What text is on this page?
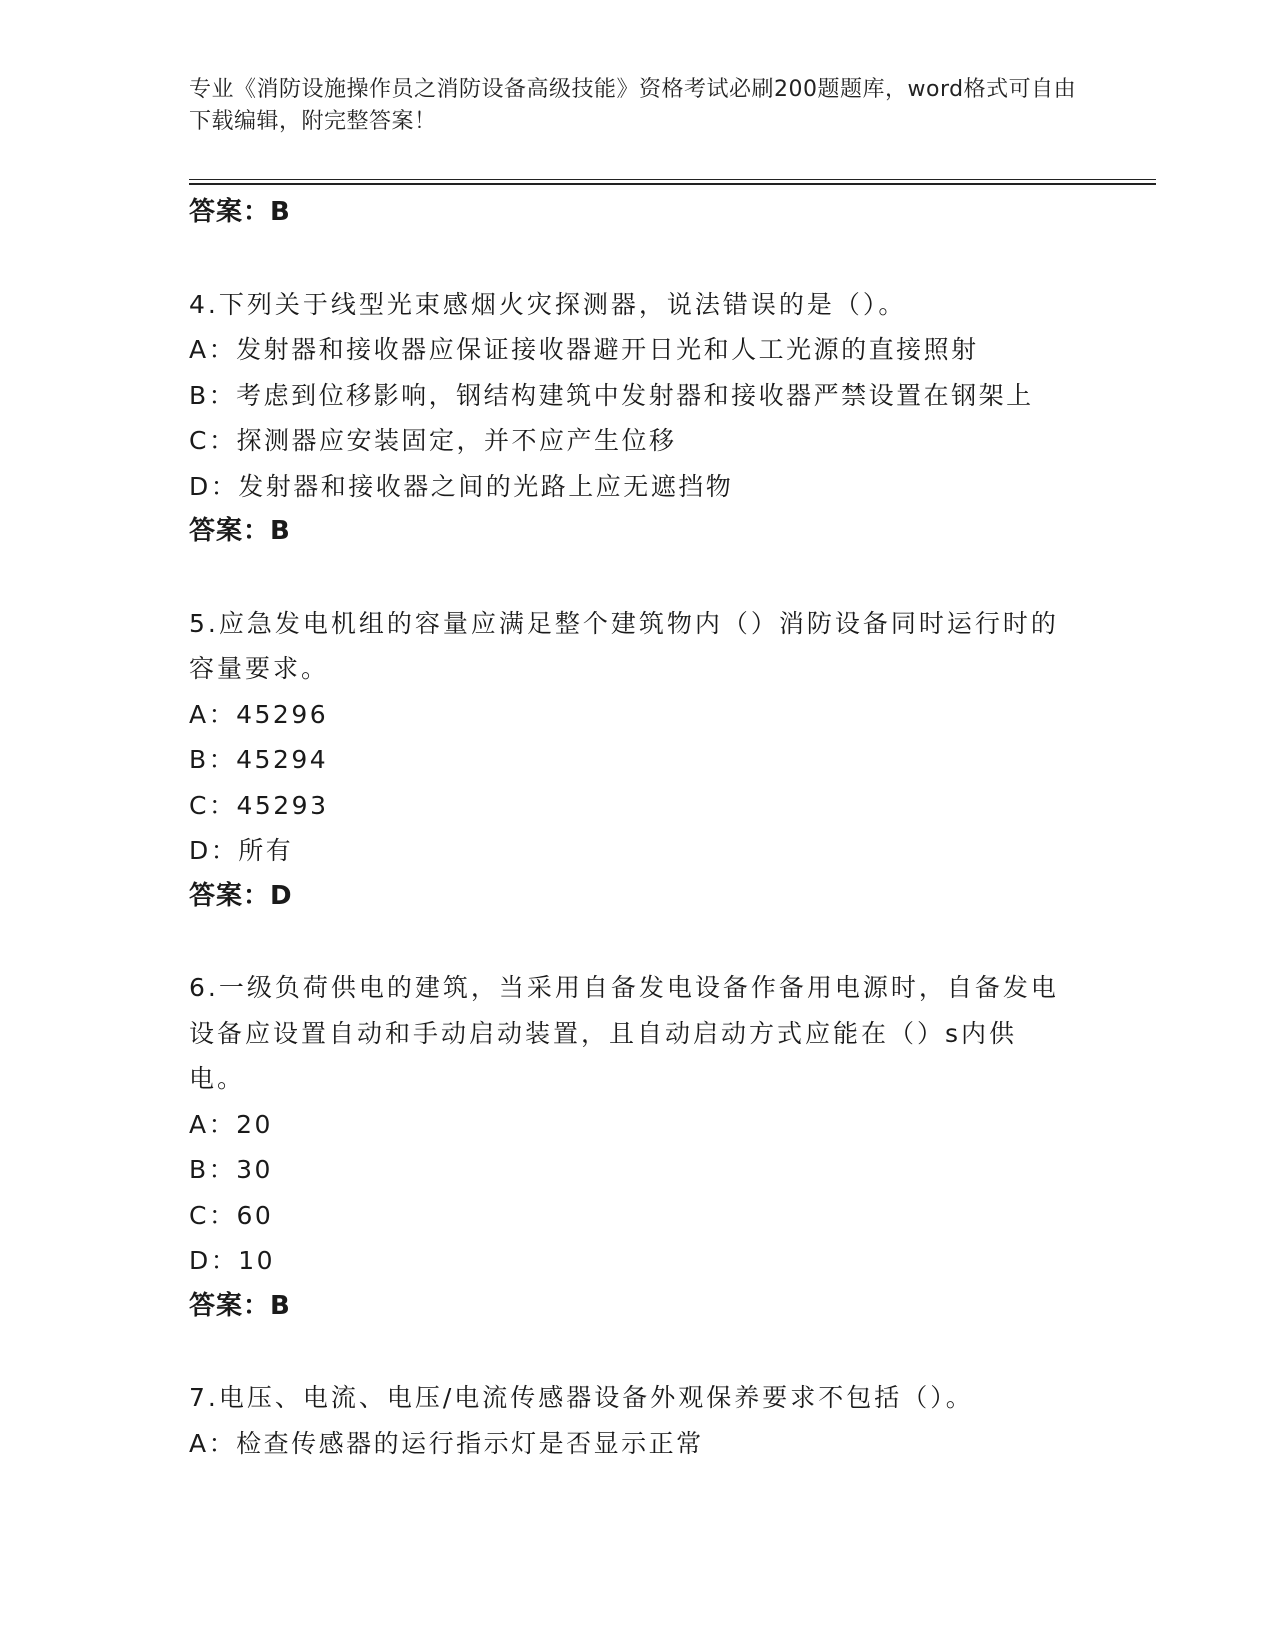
专业《消防设施操作员之消防设备高级技能》资格考试必刷200题题库，word格式可自由下载编辑，附完整答案！
答案：B
4.下列关于线型光束感烟火灾探测器，说法错误的是（）。
A：发射器和接收器应保证接收器避开日光和人工光源的直接照射
B：考虑到位移影响，钢结构建筑中发射器和接收器严禁设置在钢架上
C：探测器应安装固定，并不应产生位移
D：发射器和接收器之间的光路上应无遮挡物
答案：B
5.应急发电机组的容量应满足整个建筑物内（）消防设备同时运行时的容量要求。
A：45296
B：45294
C：45293
D：所有
答案：D
6.一级负荷供电的建筑，当采用自备发电设备作备用电源时，自备发电设备应设置自动和手动启动装置，且自动启动方式应能在（）s内供电。
A：20
B：30
C：60
D：10
答案：B
7.电压、电流、电压/电流传感器设备外观保养要求不包括（）。
A：检查传感器的运行指示灯是否显示正常
